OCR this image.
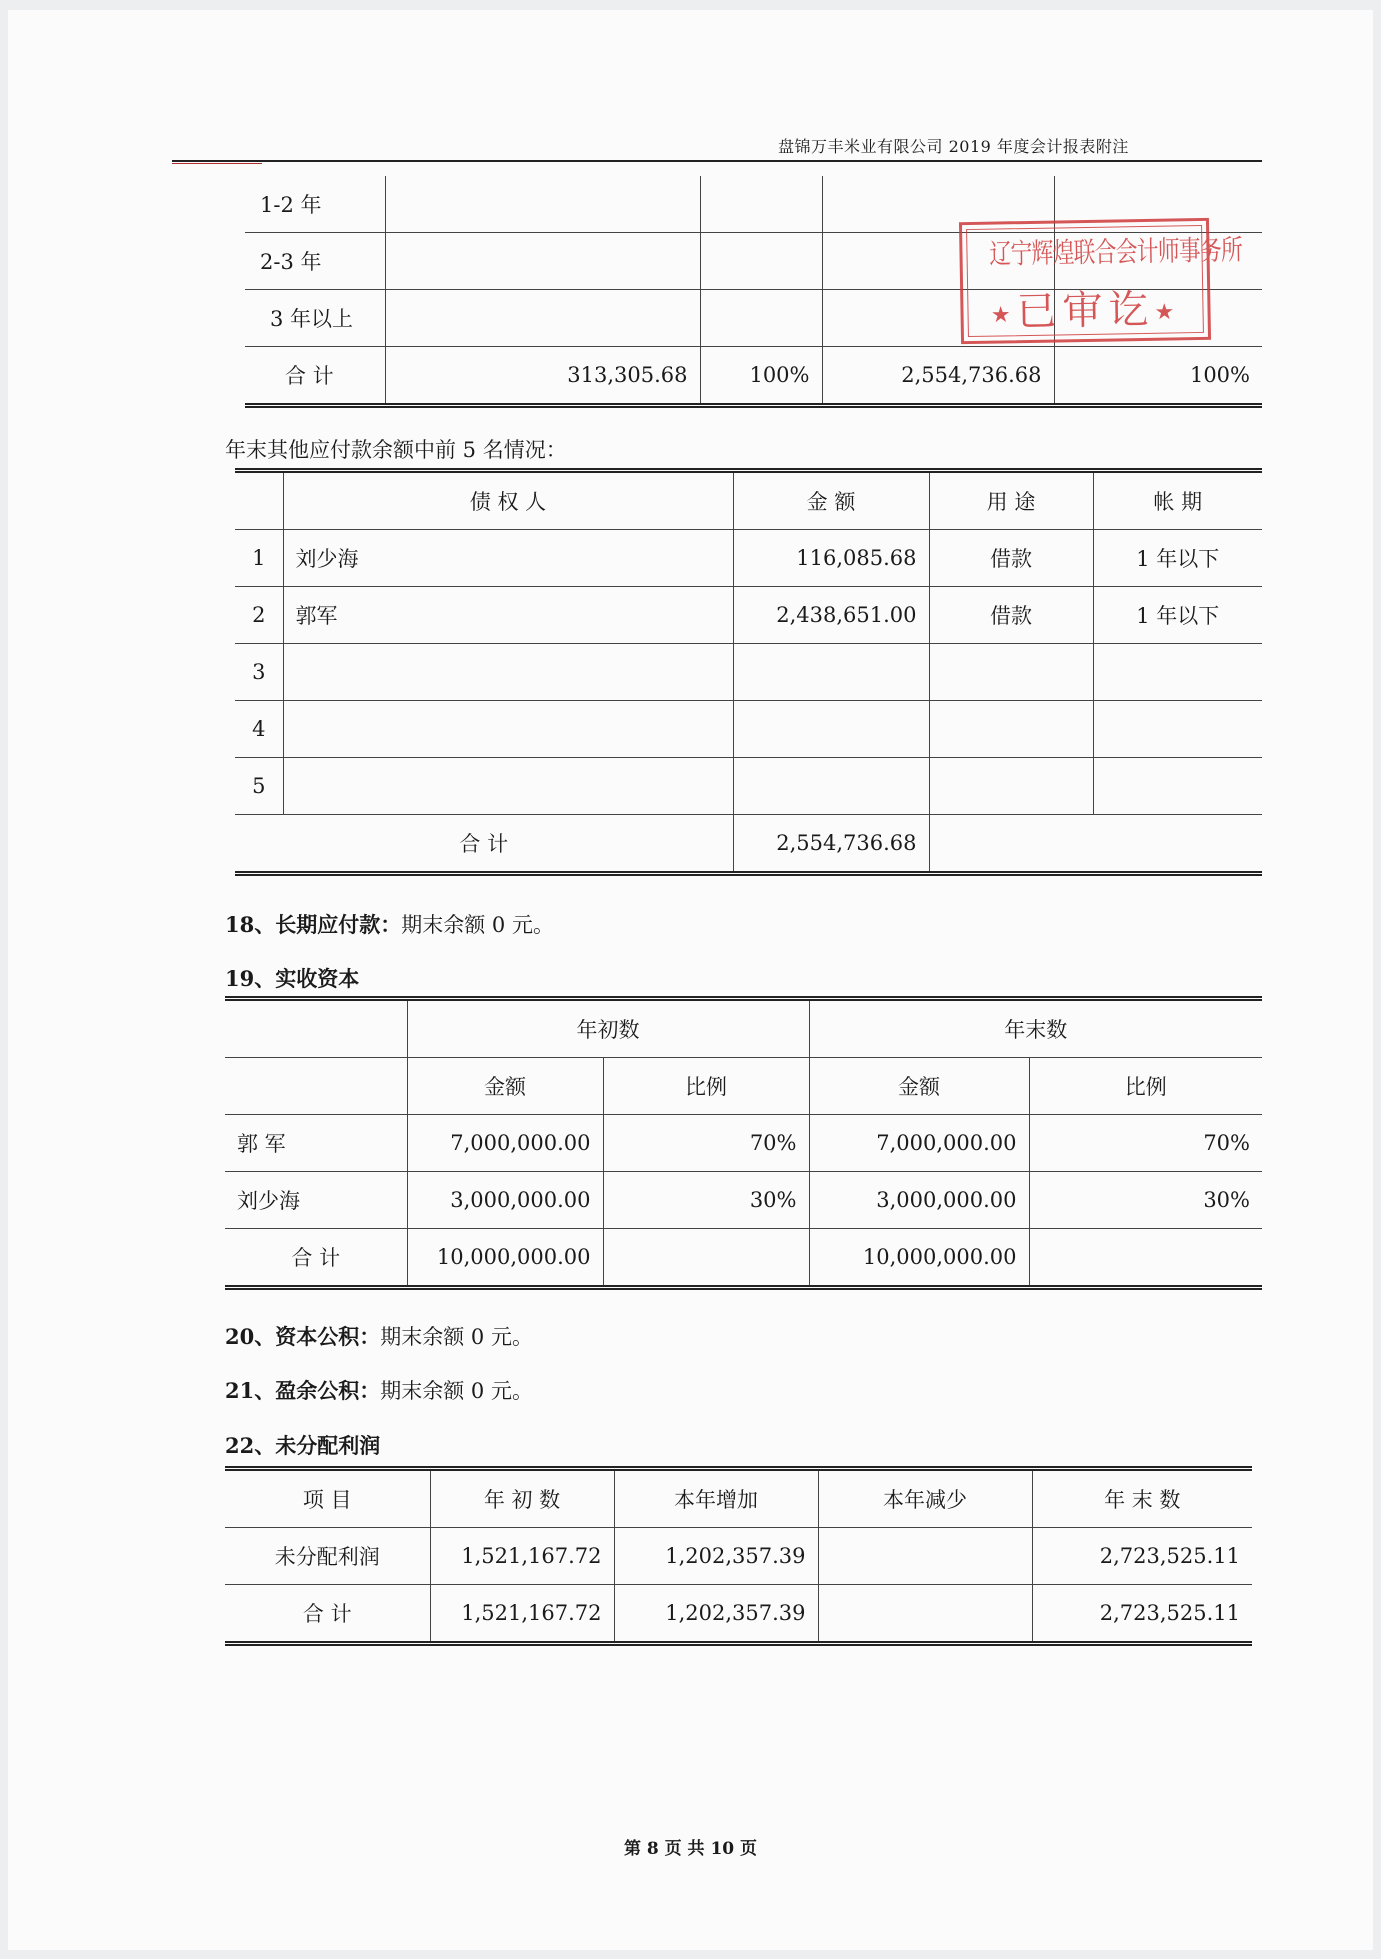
盘锦万丰米业有限公司 2019 年度会计报表附注
1-2 年				
2-3 年				
3 年以上				
合 计	313,305.68	100%	2,554,736.68	100%
辽宁辉煌联合会计师事务所
★已审讫★
年末其他应付款余额中前 5 名情况：
	债 权 人	金 额	用 途	帐 期
1	刘少海	116,085.68	借款	1 年以下
2	郭军	2,438,651.00	借款	1 年以下
3				
4				
5				
合 计		2,554,736.68		
18、长期应付款：期末余额 0 元。
19、实收资本
	年初数		年末数	
	金额	比例	金额	比例
郭 军	7,000,000.00	70%	7,000,000.00	70%
刘少海	3,000,000.00	30%	3,000,000.00	30%
合 计	10,000,000.00		10,000,000.00	
20、资本公积：期末余额 0 元。
21、盈余公积：期末余额 0 元。
22、未分配利润
项 目	年 初 数	本年增加	本年减少	年 末 数
未分配利润	1,521,167.72	1,202,357.39		2,723,525.11
合 计	1,521,167.72	1,202,357.39		2,723,525.11
第 8 页 共 10 页
